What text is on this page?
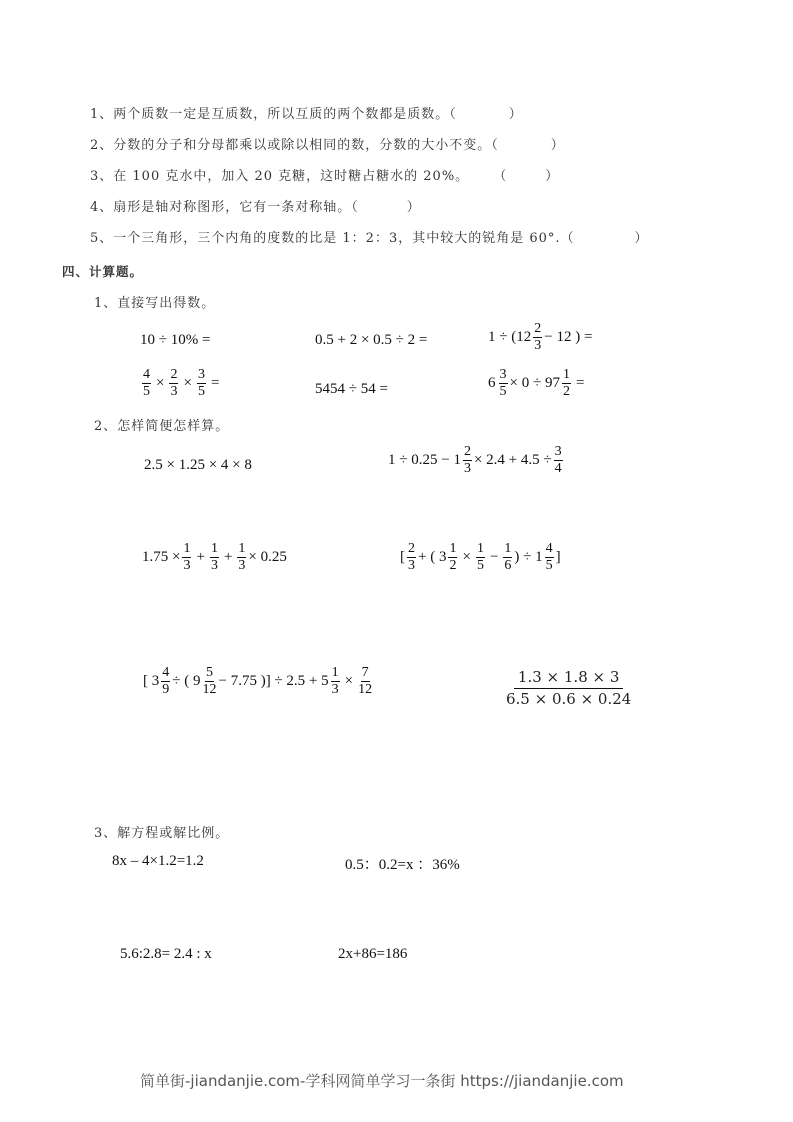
1、两个质数一定是互质数，所以互质的两个数都是质数。（	）
2、分数的分子和分母都乘以或除以相同的数，分数的大小不变。（	）
3、在 100 克水中，加入 20 克糖，这时糖占糖水的 20%。 （	）
4、扇形是轴对称图形，它有一条对称轴。（	）
5、一个三角形，三个内角的度数的比是 1：2：3，其中较大的锐角是 60°.（	）
四、计算题。
1、直接写出得数。
10 ÷ 10% =	0.5 + 2 × 0.5 ÷ 2 =	$1 \div (12 \frac{2}{3} - 12$ ) =
$\frac{4}{5} \times \frac{2}{3} \times \frac{3}{5}$ =	5454 ÷ 54 =	$6 \frac{3}{5} \times 0 \div 97 \frac{1}{2}$ =
2、怎样简便怎样算。
2.5 × 1.25 × 4 × 8	$1 \div 0.25 - 1 \frac{2}{3} \times 2.4 + 4.5 \div \frac{3}{4}$
$1.75 \times \frac{1}{3} + \frac{1}{3} + \frac{1}{3} \times 0.25$	[ $\frac{2}{3}$ + ( $3 \frac{1}{2} \times \frac{1}{5} - \frac{1}{6}$ ) ÷ $1 \frac{4}{5}$ ]
[ $3 \frac{4}{9}$ ÷ ( $9 \frac{5}{12} - 7.75$ )] ÷ $2.5 + 5 \frac{1}{3} \times \frac{7}{12}$	$\frac{1.3 \times 1.8 \times 3}{6.5 \times 0.6 \times 0.24}$
3、解方程或解比例。
8x – 4×1.2=1.2	0.5：0.2=x ：36%
5.6:2.8= 2.4 : x	2x+86=186
简单街-jiandanjie.com-学科网简单学习一条街 https://jiandanjie.com
